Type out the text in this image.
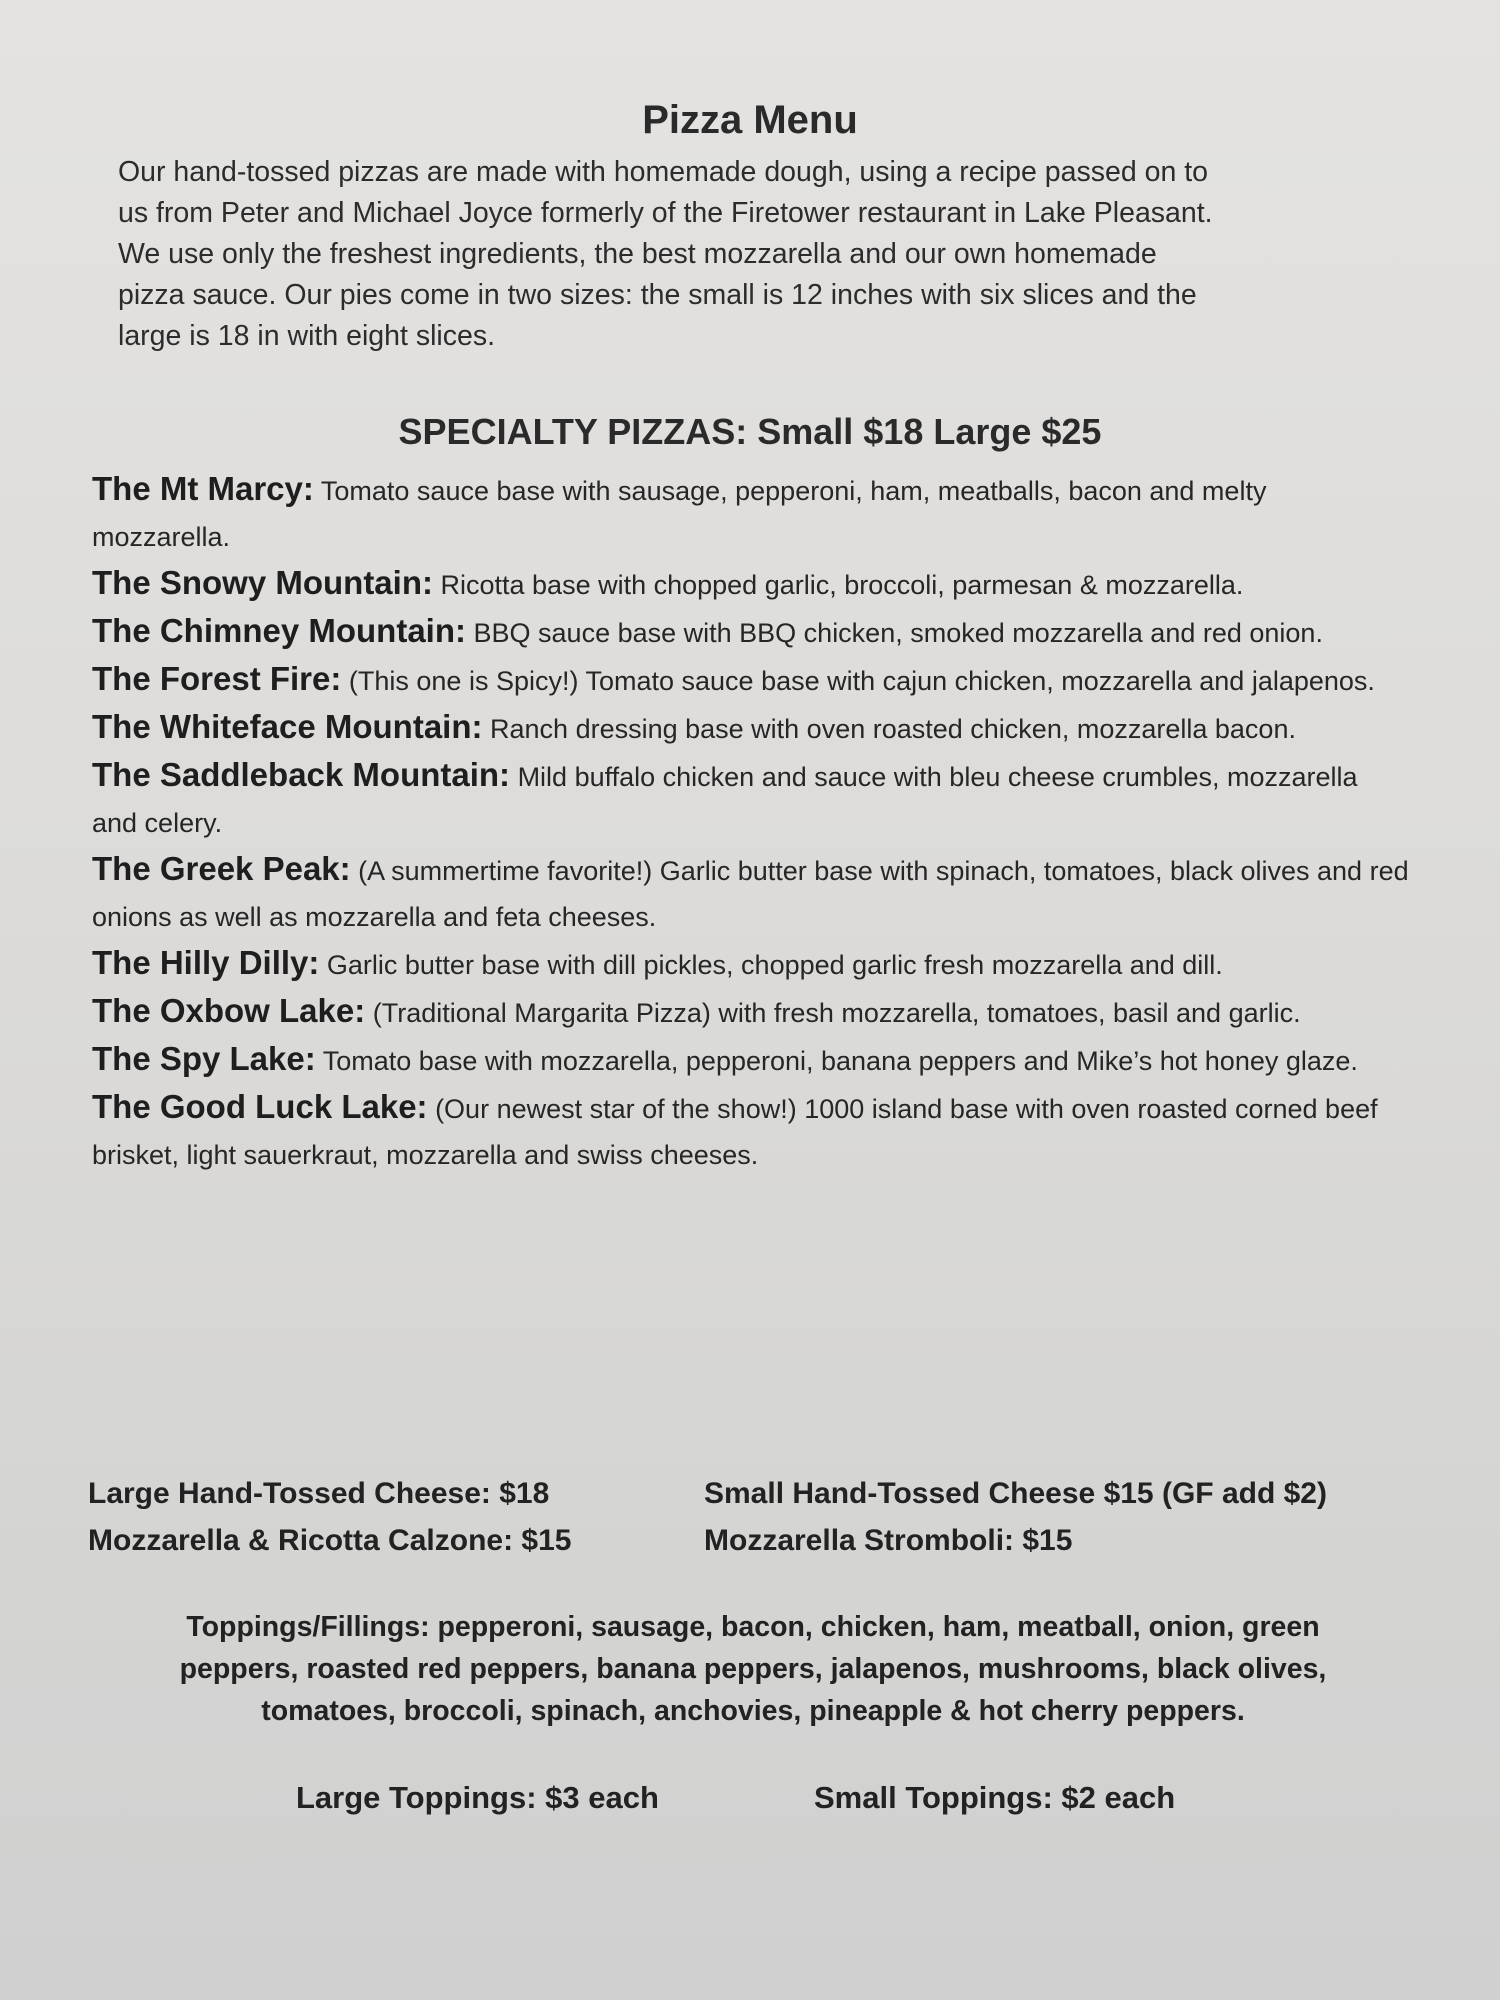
Pizza Menu
Our hand-tossed pizzas are made with homemade dough, using a recipe passed on to
us from Peter and Michael Joyce formerly of the Firetower restaurant in Lake Pleasant.
We use only the freshest ingredients, the best mozzarella and our own homemade
pizza sauce. Our pies come in two sizes: the small is 12 inches with six slices and the
large is 18 in with eight slices.
SPECIALTY PIZZAS: Small $18 Large $25
The Mt Marcy: Tomato sauce base with sausage, pepperoni, ham, meatballs, bacon and melty mozzarella.
The Snowy Mountain: Ricotta base with chopped garlic, broccoli, parmesan & mozzarella.
The Chimney Mountain: BBQ sauce base with BBQ chicken, smoked mozzarella and red onion.
The Forest Fire: (This one is Spicy!) Tomato sauce base with cajun chicken, mozzarella and jalapenos.
The Whiteface Mountain: Ranch dressing base with oven roasted chicken, mozzarella bacon.
The Saddleback Mountain: Mild buffalo chicken and sauce with bleu cheese crumbles, mozzarella and celery.
The Greek Peak: (A summertime favorite!) Garlic butter base with spinach, tomatoes, black olives and red onions as well as mozzarella and feta cheeses.
The Hilly Dilly: Garlic butter base with dill pickles, chopped garlic fresh mozzarella and dill.
The Oxbow Lake: (Traditional Margarita Pizza) with fresh mozzarella, tomatoes, basil and garlic.
The Spy Lake: Tomato base with mozzarella, pepperoni, banana peppers and Mike’s hot honey glaze.
The Good Luck Lake: (Our newest star of the show!) 1000 island base with oven roasted corned beef brisket, light sauerkraut, mozzarella and swiss cheeses.
Large Hand-Tossed Cheese: $18
Mozzarella & Ricotta Calzone: $15
Small Hand-Tossed Cheese $15 (GF add $2)
Mozzarella Stromboli: $15
Toppings/Fillings: pepperoni, sausage, bacon, chicken, ham, meatball, onion, green
peppers, roasted red peppers, banana peppers, jalapenos, mushrooms, black olives,
tomatoes, broccoli, spinach, anchovies, pineapple & hot cherry peppers.
Large Toppings: $3 each	Small Toppings: $2 each
